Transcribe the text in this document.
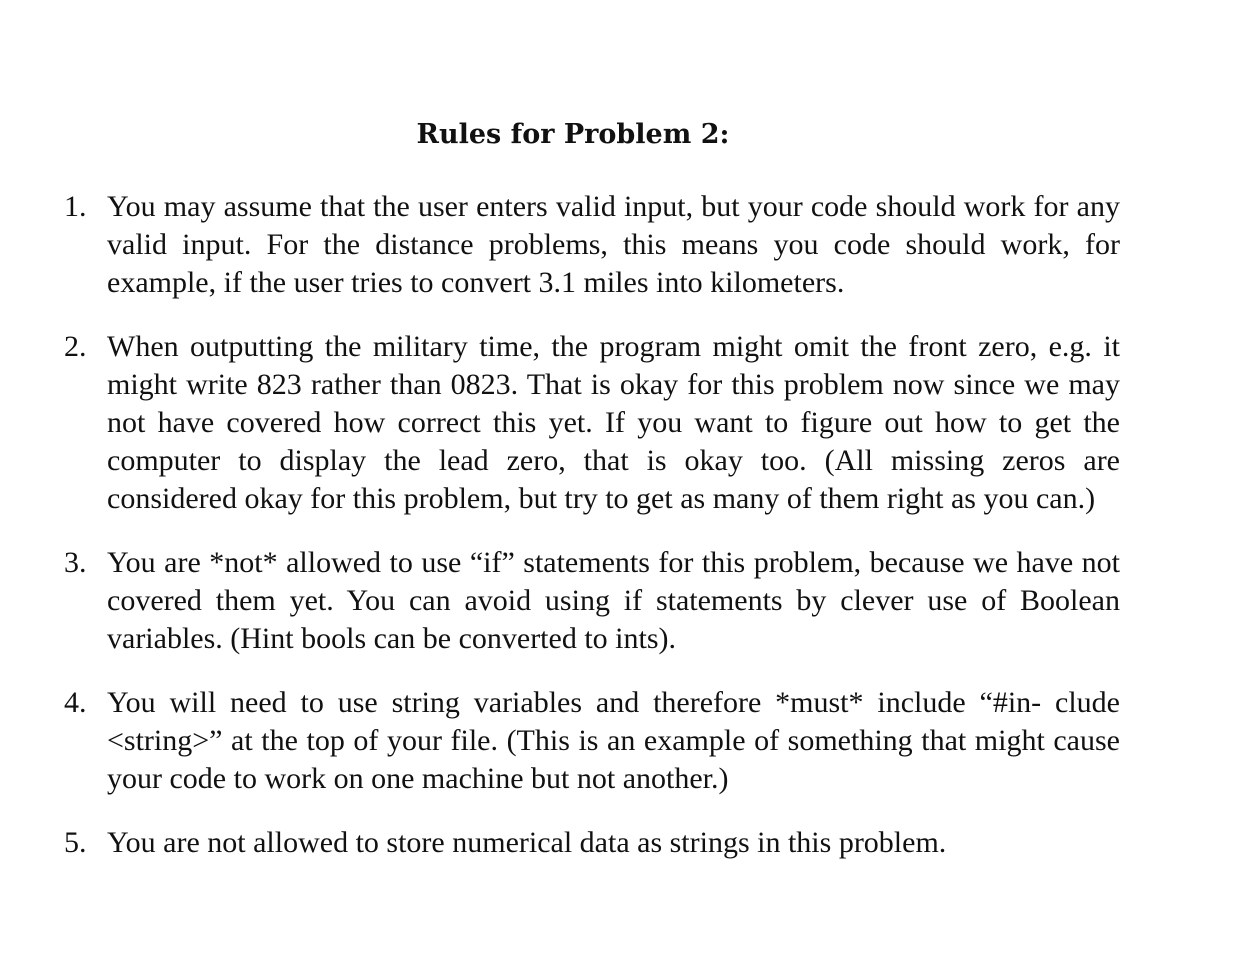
Rules for Problem 2:
1. You may assume that the user enters valid input, but your code should work for any valid input. For the distance problems, this means you code should work, for example, if the user tries to convert 3.1 miles into kilometers.
2. When outputting the military time, the program might omit the front zero, e.g. it might write 823 rather than 0823. That is okay for this problem now since we may not have covered how correct this yet. If you want to figure out how to get the computer to display the lead zero, that is okay too. (All missing zeros are considered okay for this problem, but try to get as many of them right as you can.)
3. You are *not* allowed to use “if” statements for this problem, because we have not covered them yet. You can avoid using if statements by clever use of Boolean variables. (Hint bools can be converted to ints).
4. You will need to use string variables and therefore *must* include “#in- clude <string>” at the top of your file. (This is an example of something that might cause your code to work on one machine but not another.)
5. You are not allowed to store numerical data as strings in this problem.
